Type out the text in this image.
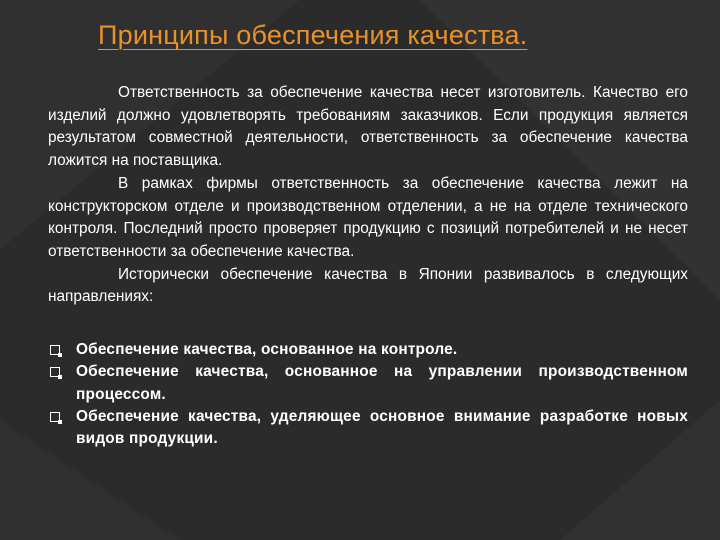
Принципы обеспечения качества.

Ответственность за обеспечение качества несет изготовитель. Качество его изделий должно удовлетворять требованиям заказчиков. Если продукция является результатом совместной деятельности, ответственность за обеспечение качества ложится на поставщика.

В рамках фирмы ответственность за обеспечение качества лежит на конструкторском отделе и производственном отделении, а не на отделе технического контроля. Последний просто проверяет продукцию с позиций потребителей и не несет ответственности за обеспечение качества.

Исторически обеспечение качества в Японии развивалось в следующих направлениях:

Обеспечение качества, основанное на контроле.
Обеспечение качества, основанное на управлении производственном процессом.
Обеспечение качества, уделяющее основное внимание разработке новых видов продукции.
